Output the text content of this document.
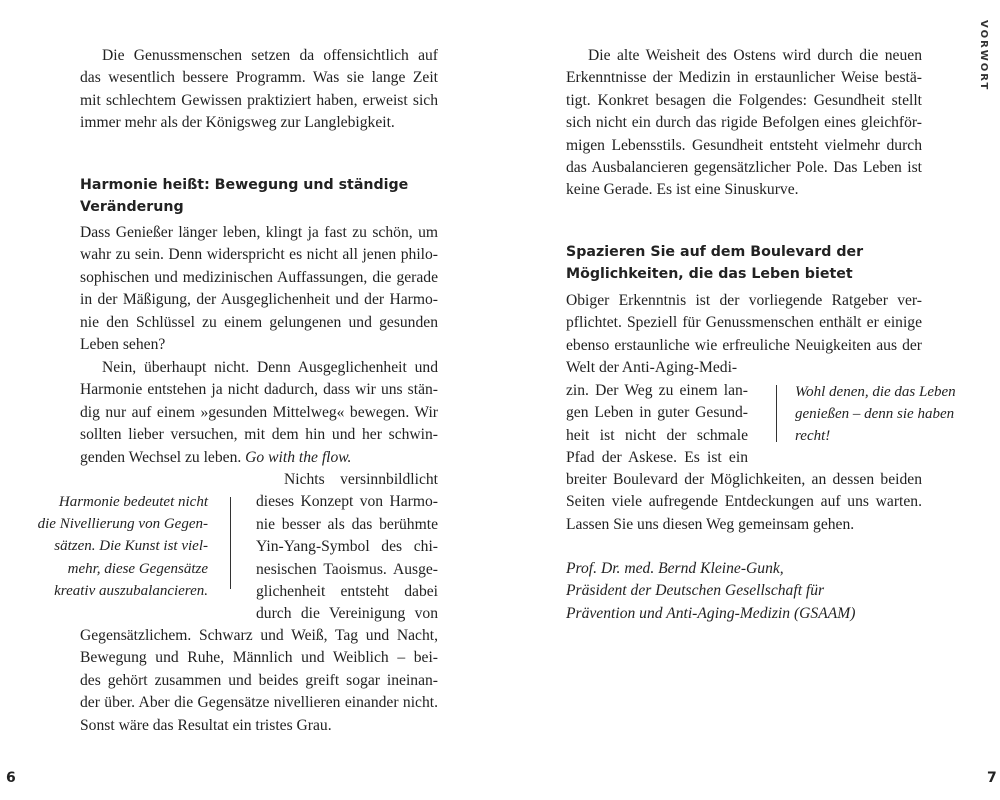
Die Genussmenschen setzen da offensichtlich auf
das wesentlich bessere Programm. Was sie lange Zeit
mit schlechtem Gewissen praktiziert haben, erweist sich
immer mehr als der Königsweg zur Langlebigkeit.
Harmonie heißt: Bewegung und ständige
Veränderung
Dass Genießer länger leben, klingt ja fast zu schön, um
wahr zu sein. Denn widerspricht es nicht all jenen philo-
sophischen und medizinischen Auffassungen, die gerade
in der Mäßigung, der Ausgeglichenheit und der Harmo-
nie den Schlüssel zu einem gelungenen und gesunden
Leben sehen?
Nein, überhaupt nicht. Denn Ausgeglichenheit und
Harmonie entstehen ja nicht dadurch, dass wir uns stän-
dig nur auf einem »gesunden Mittelweg« bewegen. Wir
sollten lieber versuchen, mit dem hin und her schwin-
genden Wechsel zu leben. Go with the flow.
Nichts versinnbildlicht
dieses Konzept von Harmo-
nie besser als das berühmte
Yin-Yang-Symbol des chi-
nesischen Taoismus. Ausge-
glichenheit entsteht dabei
durch die Vereinigung von
Harmonie bedeutet nicht
die Nivellierung von Gegen-
sätzen. Die Kunst ist viel-
mehr, diese Gegensätze
kreativ auszubalancieren.
Gegensätzlichem. Schwarz und Weiß, Tag und Nacht,
Bewegung und Ruhe, Männlich und Weiblich – bei-
des gehört zusammen und beides greift sogar ineinan-
der über. Aber die Gegensätze nivellieren einander nicht.
Sonst wäre das Resultat ein tristes Grau.
6
Die alte Weisheit des Ostens wird durch die neuen
Erkenntnisse der Medizin in erstaunlicher Weise bestä-
tigt. Konkret besagen die Folgendes: Gesundheit stellt
sich nicht ein durch das rigide Befolgen eines gleichför-
migen Lebensstils. Gesundheit entsteht vielmehr durch
das Ausbalancieren gegensätzlicher Pole. Das Leben ist
keine Gerade. Es ist eine Sinuskurve.
Spazieren Sie auf dem Boulevard der
Möglichkeiten, die das Leben bietet
Obiger Erkenntnis ist der vorliegende Ratgeber ver-
pflichtet. Speziell für Genussmenschen enthält er einige
ebenso erstaunliche wie erfreuliche Neuigkeiten aus der
Welt der Anti-Aging-Medi-
zin. Der Weg zu einem lan-
gen Leben in guter Gesund-
heit ist nicht der schmale
Pfad der Askese. Es ist ein
Wohl denen, die das Leben
genießen – denn sie haben
recht!
breiter Boulevard der Möglichkeiten, an dessen beiden
Seiten viele aufregende Entdeckungen auf uns warten.
Lassen Sie uns diesen Weg gemeinsam gehen.
Prof. Dr. med. Bernd Kleine-Gunk,
Präsident der Deutschen Gesellschaft für
Prävention und Anti-Aging-Medizin (GSAAM)
VORWORT
7
